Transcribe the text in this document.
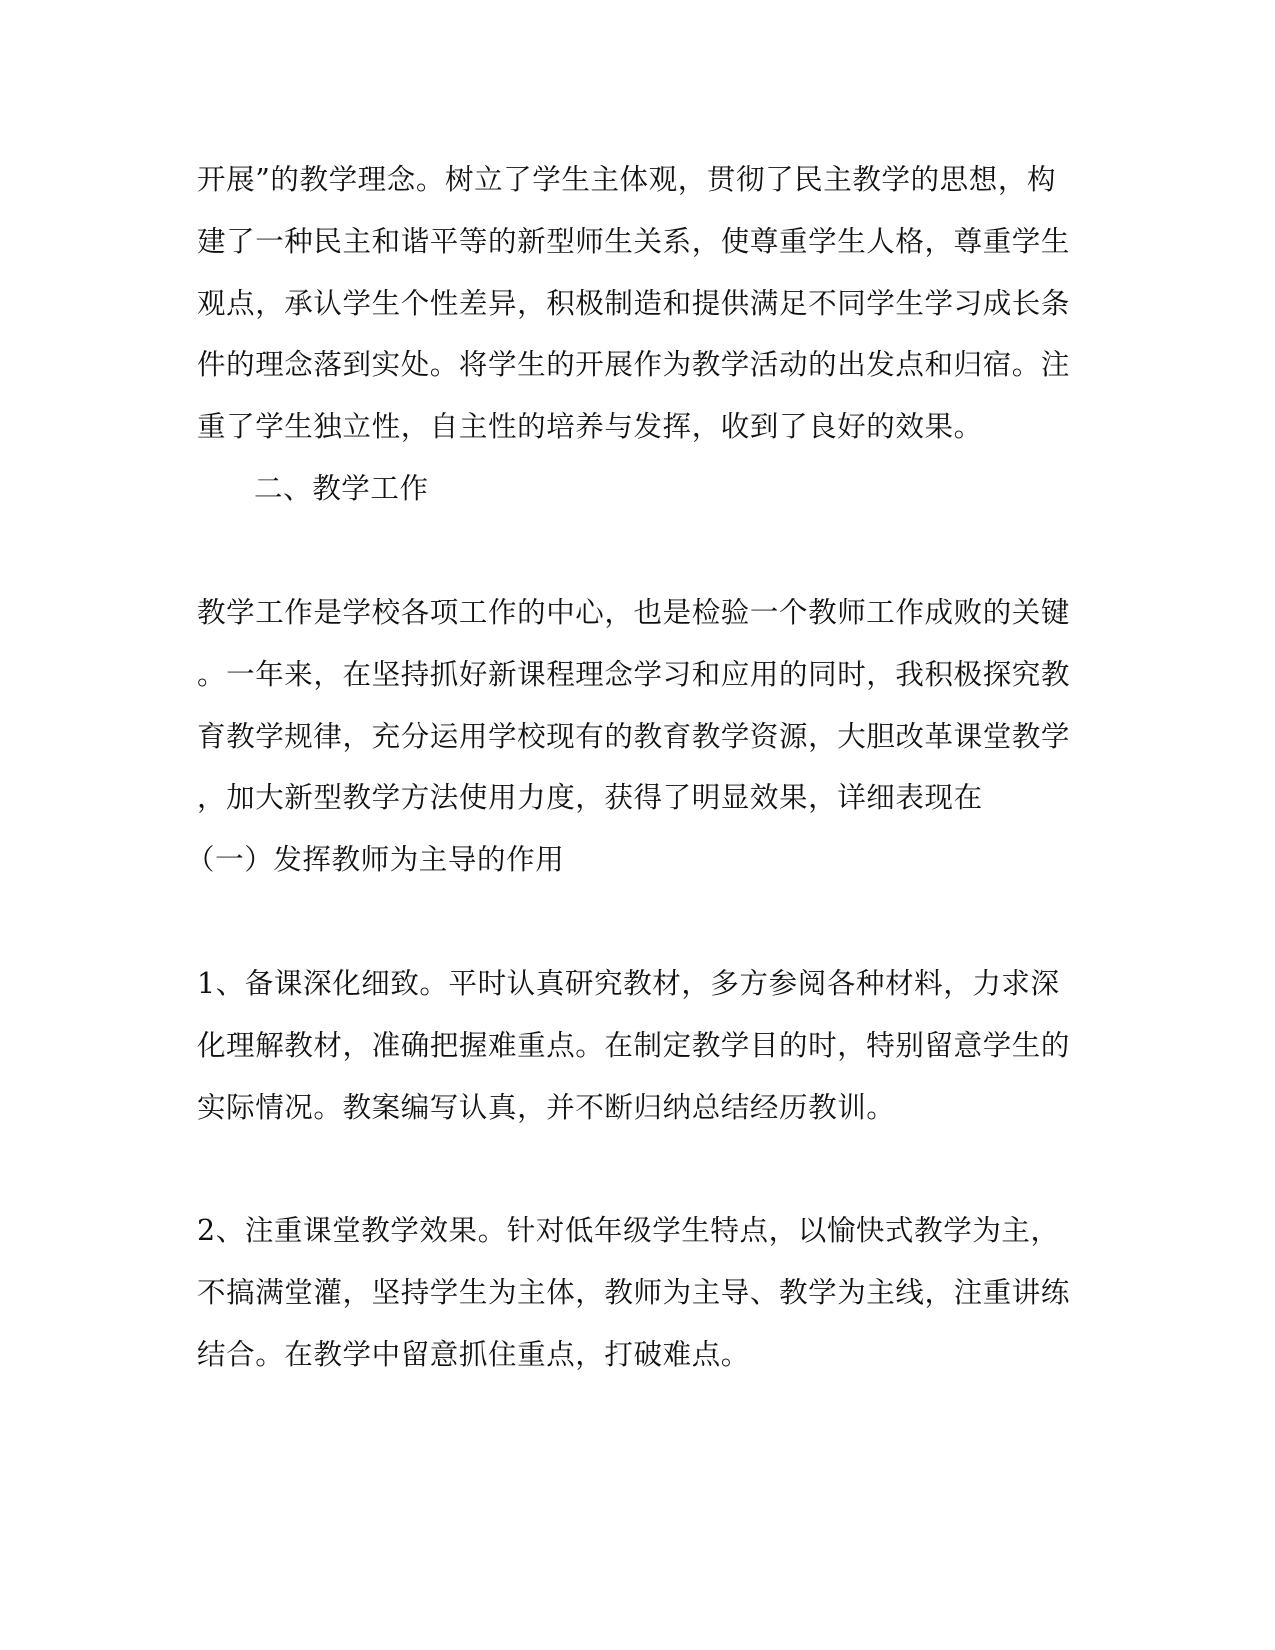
开展”的教学理念。树立了学生主体观，贯彻了民主教学的思想，构
建了一种民主和谐平等的新型师生关系，使尊重学生人格，尊重学生
观点，承认学生个性差异，积极制造和提供满足不同学生学习成长条
件的理念落到实处。将学生的开展作为教学活动的出发点和归宿。注
重了学生独立性，自主性的培养与发挥，收到了良好的效果。
二、教学工作
教学工作是学校各项工作的中心，也是检验一个教师工作成败的关键
。一年来，在坚持抓好新课程理念学习和应用的同时，我积极探究教
育教学规律，充分运用学校现有的教育教学资源，大胆改革课堂教学
，加大新型教学方法使用力度，获得了明显效果，详细表现在
（一）发挥教师为主导的作用
1、备课深化细致。平时认真研究教材，多方参阅各种材料，力求深
化理解教材，准确把握难重点。在制定教学目的时，特别留意学生的
实际情况。教案编写认真，并不断归纳总结经历教训。
2、注重课堂教学效果。针对低年级学生特点，以愉快式教学为主，
不搞满堂灌，坚持学生为主体，教师为主导、教学为主线，注重讲练
结合。在教学中留意抓住重点，打破难点。
